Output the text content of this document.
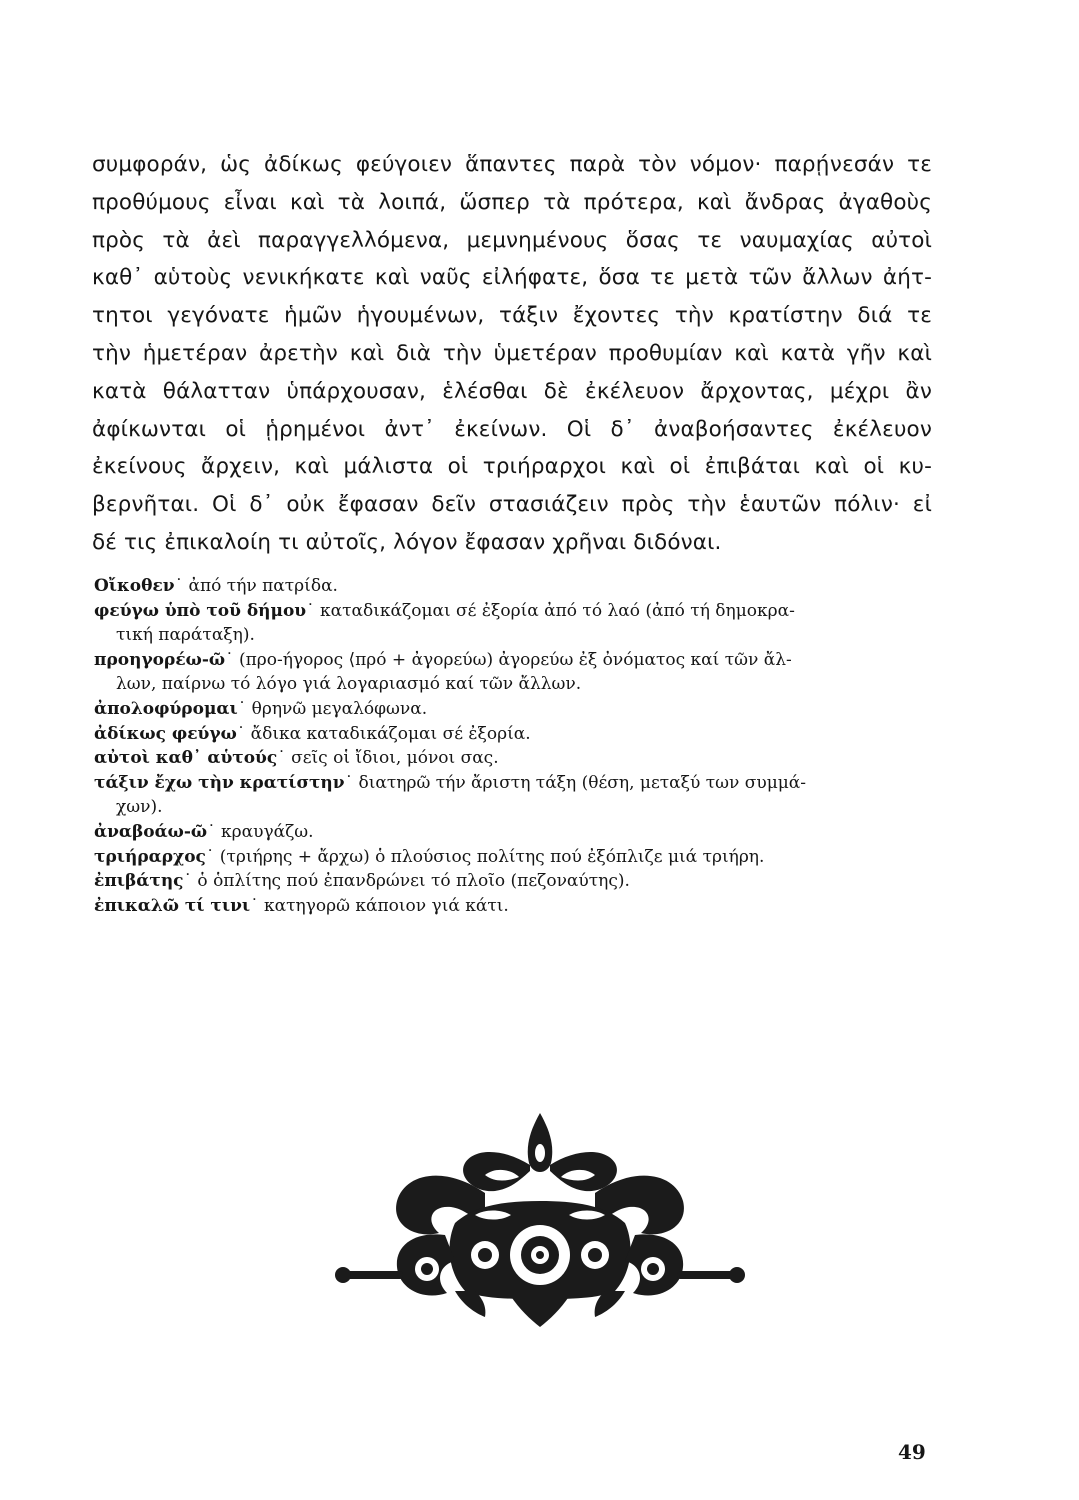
συμφοράν, ὡς ἀδίκως φεύγοιεν ἅπαντες παρὰ τὸν νόμον· παρῄνεσάν τε
προθύμους εἶναι καὶ τὰ λοιπά, ὥσπερ τὰ πρότερα, καὶ ἄνδρας ἀγαθοὺς
πρὸς τὰ ἀεὶ παραγγελλόμενα, μεμνημένους ὅσας τε ναυμαχίας αὐτοὶ
καθ᾽ αὑτοὺς νενικήκατε καὶ ναῦς εἰλήφατε, ὅσα τε μετὰ τῶν ἄλλων ἀήτ-
τητοι γεγόνατε ἡμῶν ἡγουμένων, τάξιν ἔχοντες τὴν κρατίστην διά τε
τὴν ἡμετέραν ἀρετὴν καὶ διὰ τὴν ὑμετέραν προθυμίαν καὶ κατὰ γῆν καὶ
κατὰ θάλατταν ὑπάρχουσαν, ἑλέσθαι δὲ ἐκέλευον ἄρχοντας, μέχρι ἂν
ἀφίκωνται οἱ ᾑρημένοι ἀντ᾽ ἐκείνων. Οἱ δ᾽ ἀναβοήσαντες ἐκέλευον
ἐκείνους ἄρχειν, καὶ μάλιστα οἱ τριήραρχοι καὶ οἱ ἐπιβάται καὶ οἱ κυ-
βερνῆται. Οἱ δ᾽ οὐκ ἔφασαν δεῖν στασιάζειν πρὸς τὴν ἑαυτῶν πόλιν· εἰ
δέ τις ἐπικαλοίη τι αὐτοῖς, λόγον ἔφασαν χρῆναι διδόναι.
Οἴκοθεν˙ ἀπό τήν πατρίδα.
φεύγω ὑπὸ τοῦ δήμου˙ καταδικάζομαι σέ ἐξορία ἀπό τό λαό (ἀπό τή δημοκρα-
τική παράταξη).
προηγορέω-ῶ˙ (προ-ήγορος ⟨πρό + ἀγορεύω) ἀγορεύω ἐξ ὀνόματος καί τῶν ἄλ-
λων, παίρνω τό λόγο γιά λογαριασμό καί τῶν ἄλλων.
ἀπολοφύρομαι˙ θρηνῶ μεγαλόφωνα.
ἀδίκως φεύγω˙ ἄδικα καταδικάζομαι σέ ἐξορία.
αὐτοὶ καθ᾽ αὑτούς˙ σεῖς οἱ ἴδιοι, μόνοι σας.
τάξιν ἔχω τὴν κρατίστην˙ διατηρῶ τήν ἄριστη τάξη (θέση, μεταξύ των συμμά-
χων).
ἀναβοάω-ῶ˙ κραυγάζω.
τριήραρχος˙ (τριήρης + ἄρχω) ὁ πλούσιος πολίτης πού ἐξόπλιζε μιά τριήρη.
ἐπιβάτης˙ ὁ ὁπλίτης πού ἐπανδρώνει τό πλοῖο (πεζοναύτης).
ἐπικαλῶ τί τινι˙ κατηγορῶ κάποιον γιά κάτι.
49
